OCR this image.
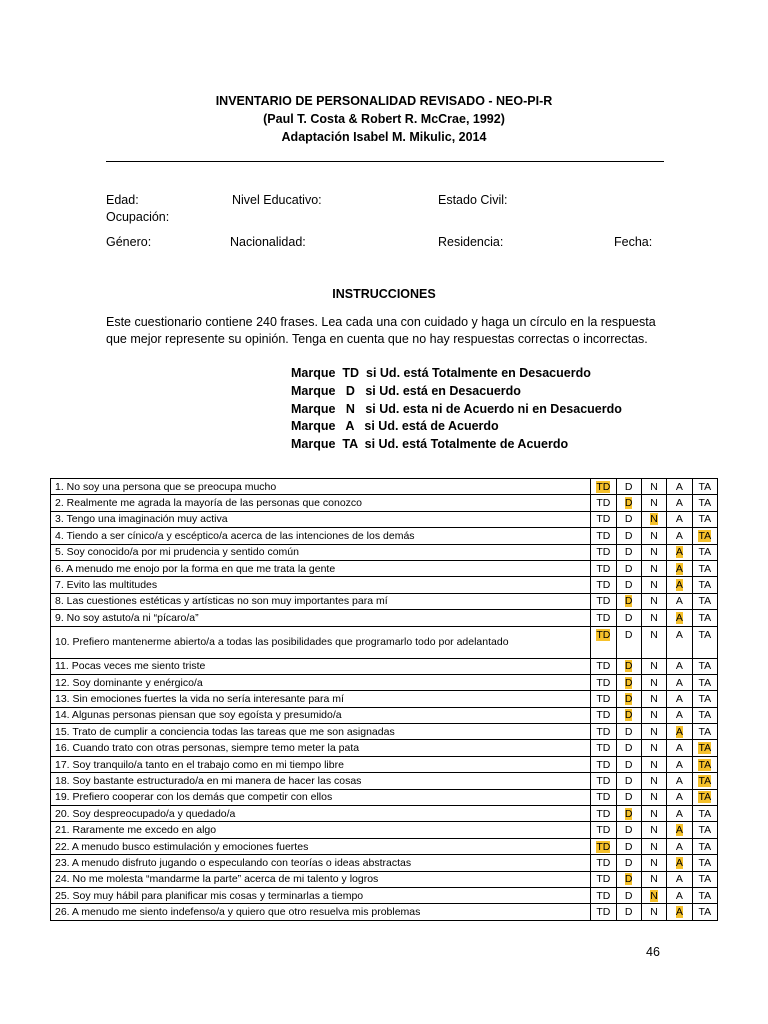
INVENTARIO DE PERSONALIDAD REVISADO - NEO-PI-R
(Paul T. Costa & Robert R. McCrae, 1992)
Adaptación Isabel M. Mikulic, 2014
Edad:	Nivel Educativo:	Estado Civil:
Ocupación:
Género:	Nacionalidad:	Residencia:	Fecha:
INSTRUCCIONES
Este cuestionario contiene 240 frases. Lea cada una con cuidado y haga un círculo en la respuesta que mejor represente su opinión. Tenga en cuenta que no hay respuestas correctas o incorrectas.
Marque  TD  si Ud. está Totalmente en Desacuerdo
Marque   D   si Ud. está en Desacuerdo
Marque   N   si Ud. esta ni de Acuerdo ni en Desacuerdo
Marque   A   si Ud. está de Acuerdo
Marque  TA  si Ud. está Totalmente de Acuerdo
1. No soy una persona que se preocupa mucho	TD	D	N	A	TA
2. Realmente me agrada la mayoría de las personas que conozco	TD	D	N	A	TA
3. Tengo una imaginación muy activa	TD	D	N	A	TA
4. Tiendo a ser cínico/a y escéptico/a acerca de las intenciones de los demás	TD	D	N	A	TA
5. Soy conocido/a por mi prudencia y sentido común	TD	D	N	A	TA
6. A menudo me enojo por la forma en que me trata la gente	TD	D	N	A	TA
7. Evito las multitudes	TD	D	N	A	TA
8. Las cuestiones estéticas y artísticas no son muy importantes para mí	TD	D	N	A	TA
9. No soy astuto/a ni “pícaro/a”	TD	D	N	A	TA
10. Prefiero mantenerme abierto/a a todas las posibilidades que programarlo todo por adelantado	TD	D	N	A	TA
11. Pocas veces me siento triste	TD	D	N	A	TA
12. Soy dominante y enérgico/a	TD	D	N	A	TA
13. Sin emociones fuertes la vida no sería interesante para mí	TD	D	N	A	TA
14. Algunas personas piensan que soy egoísta y presumido/a	TD	D	N	A	TA
15. Trato de cumplir a conciencia todas las tareas que me son asignadas	TD	D	N	A	TA
16. Cuando trato con otras personas, siempre temo meter la pata	TD	D	N	A	TA
17. Soy tranquilo/a tanto en el trabajo como en mi tiempo libre	TD	D	N	A	TA
18. Soy bastante estructurado/a en mi manera de hacer las cosas	TD	D	N	A	TA
19. Prefiero cooperar con los demás que competir con ellos	TD	D	N	A	TA
20. Soy despreocupado/a y quedado/a	TD	D	N	A	TA
21. Raramente me excedo en algo	TD	D	N	A	TA
22. A menudo busco estimulación y emociones fuertes	TD	D	N	A	TA
23. A menudo disfruto jugando o especulando con teorías o ideas abstractas	TD	D	N	A	TA
24. No me molesta “mandarme la parte” acerca de mi talento y logros	TD	D	N	A	TA
25. Soy muy hábil para planificar mis cosas y terminarlas a tiempo	TD	D	N	A	TA
26. A menudo me siento indefenso/a y quiero que otro resuelva mis problemas	TD	D	N	A	TA
46
